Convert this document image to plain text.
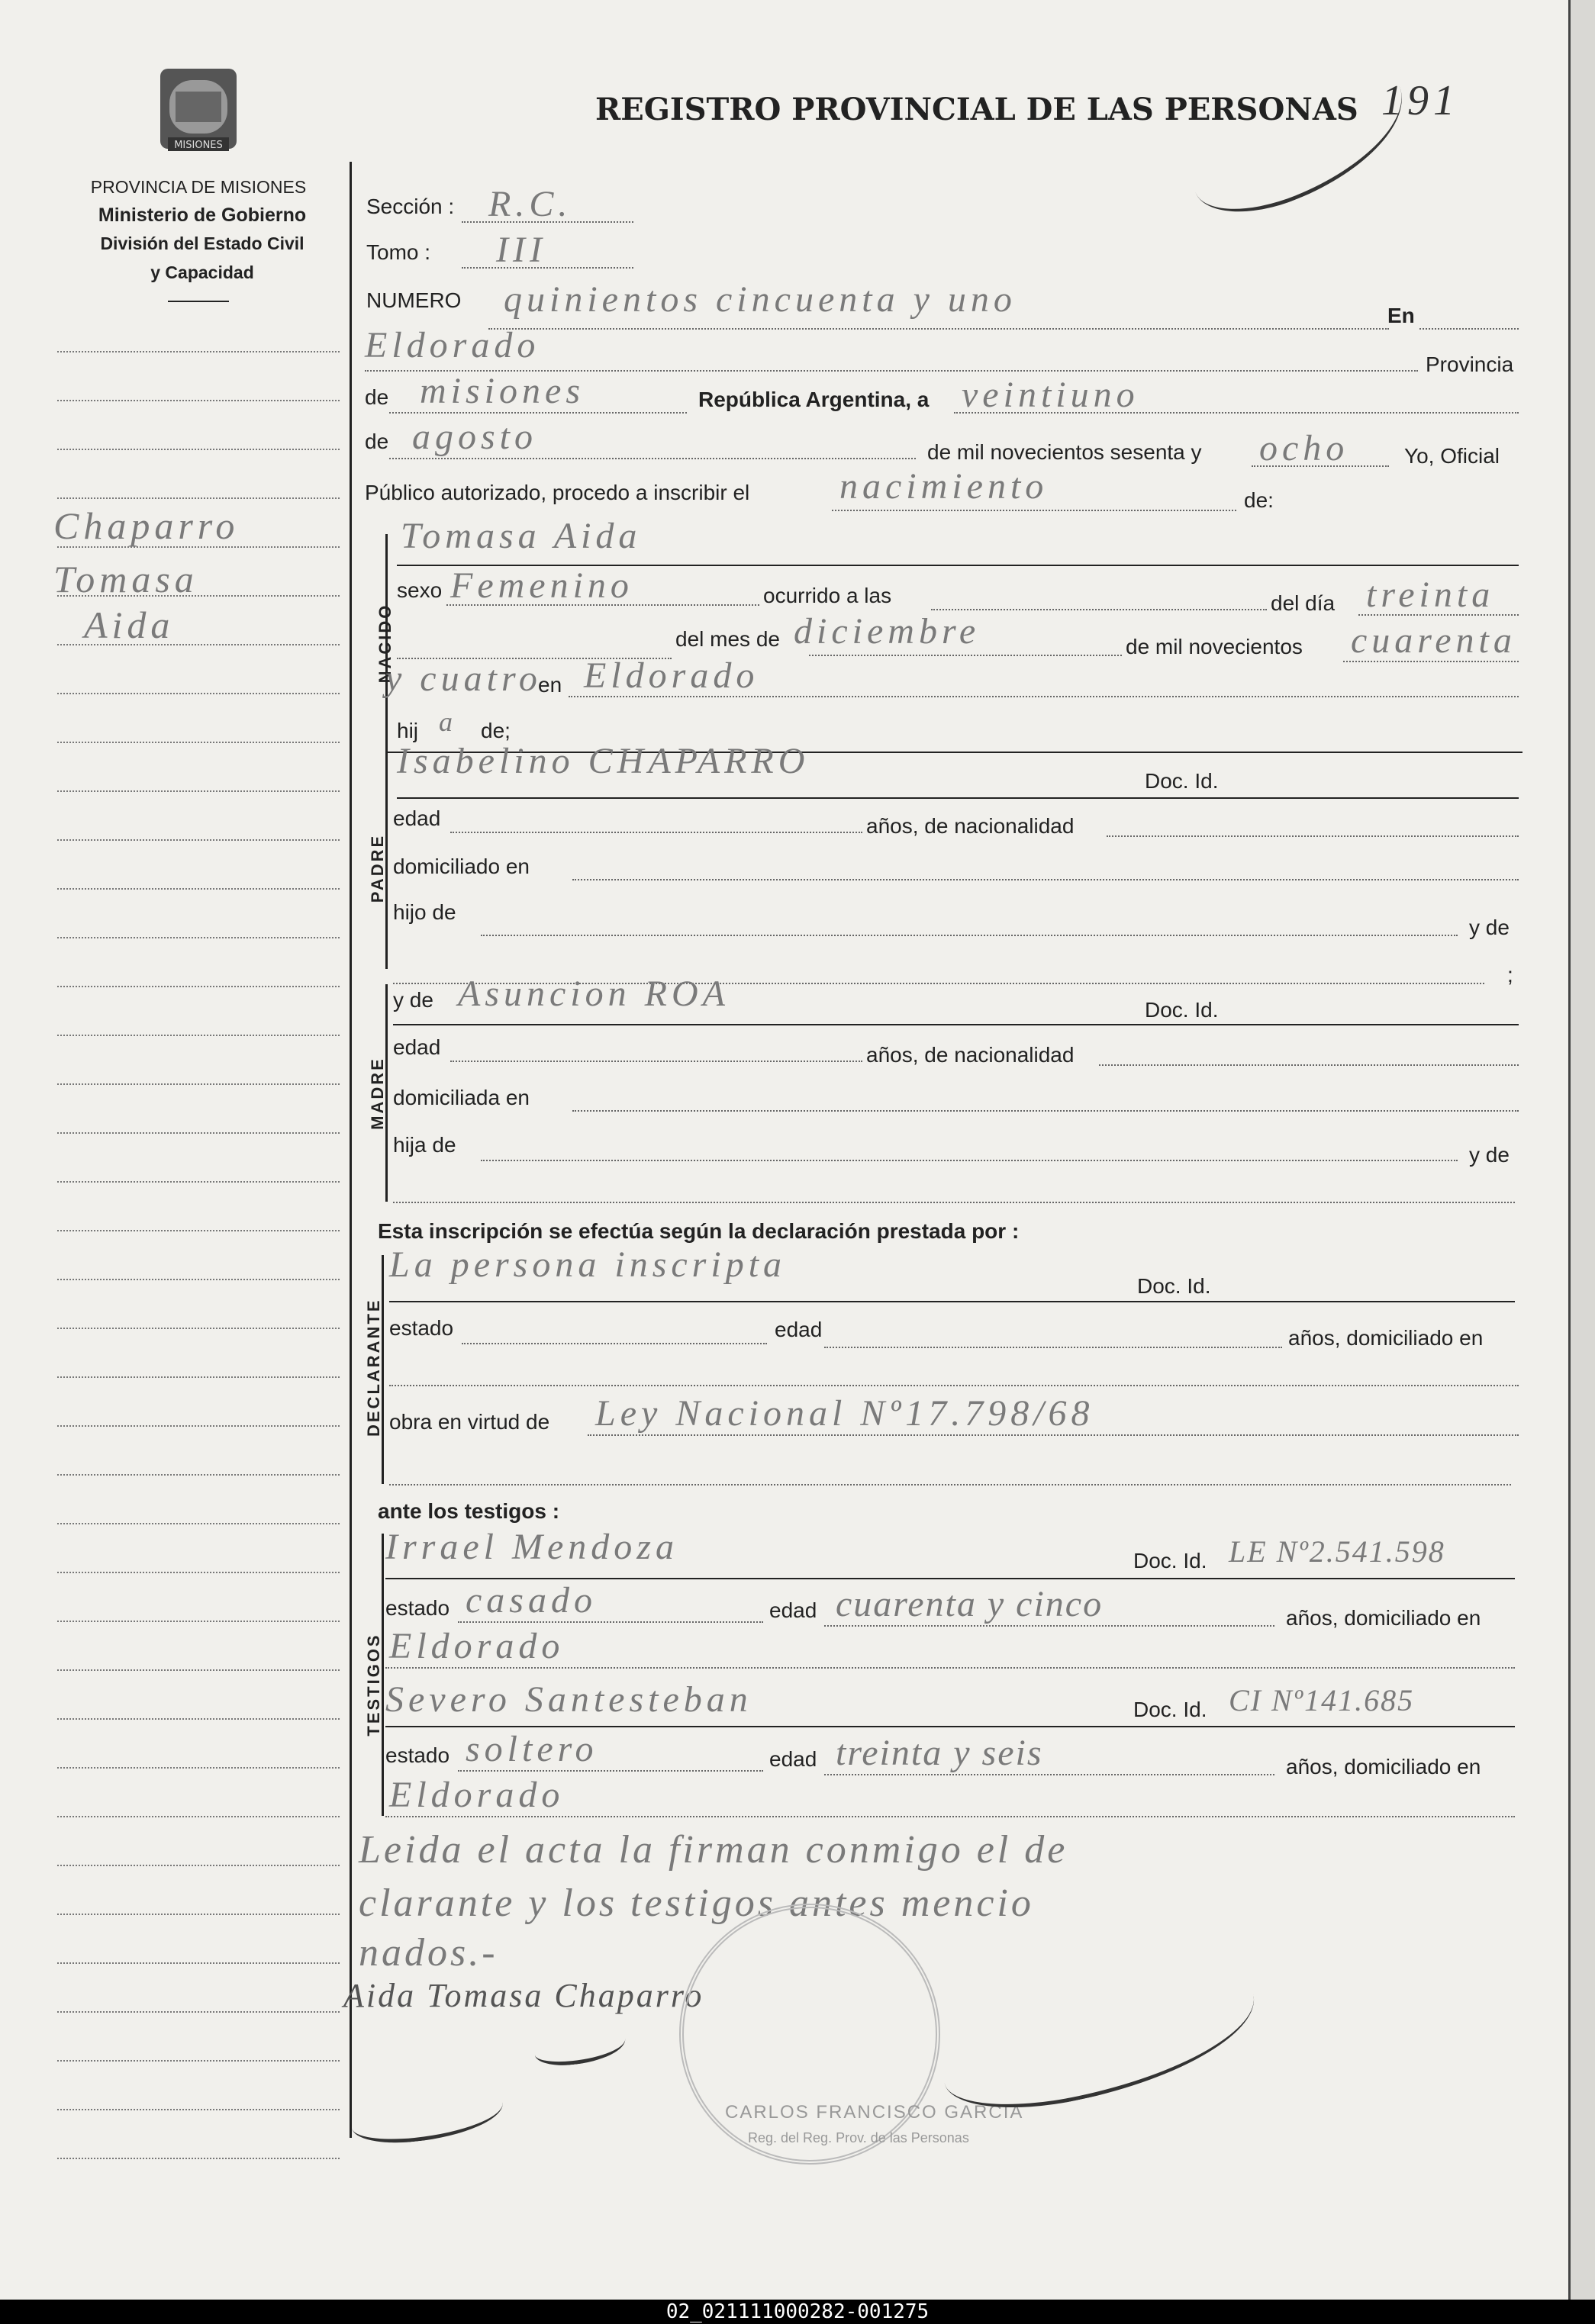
MISIONES
PROVINCIA DE MISIONES
Ministerio de Gobierno
División del Estado Civil
y Capacidad
REGISTRO PROVINCIAL DE LAS PERSONAS 191
Chaparro
Tomasa
Aida
Sección : R.C.
Tomo : III
NUMERO quinientos cincuenta y uno	En
Eldorado	Provincia
de misiones	República Argentina, a veintiuno
de agosto	de mil novecientos sesenta y ocho	Yo, Oficial
Público autorizado, procedo a inscribir el nacimiento	de:
NACIDO
Tomasa Aida
sexo Femenino	ocurrido a las	del día treinta
del mes de diciembre	de mil novecientos cuarenta
y cuatro
en Eldorado
hij a de;
PADRE
Isabelino CHAPARRO	Doc. Id.
edad	años, de nacionalidad
domiciliado en
hijo de
y de
;
MADRE
y de Asuncion ROA	Doc. Id.
edad	años, de nacionalidad
domiciliada en
hija de	y de
Esta inscripción se efectúa según la declaración prestada por :
DECLARANTE
La persona inscripta
Doc. Id.
estado	edad	años, domiciliado en
obra en virtud de Ley Nacional Nº17.798/68
ante los testigos :
TESTIGOS
Irrael Mendoza	Doc. Id. LE Nº2.541.598
estado casado	edad cuarenta y cinco	años, domiciliado en
Eldorado
Severo Santesteban	Doc. Id. CI Nº141.685
estado soltero	edad treinta y seis	años, domiciliado en
Eldorado
Leida el acta la firman conmigo el de
clarante y los testigos antes mencio
nados.-
Aida Tomasa Chaparro
CARLOS FRANCISCO GARCIA
Reg. del Reg. Prov. de las Personas
02_021111000282-001275
